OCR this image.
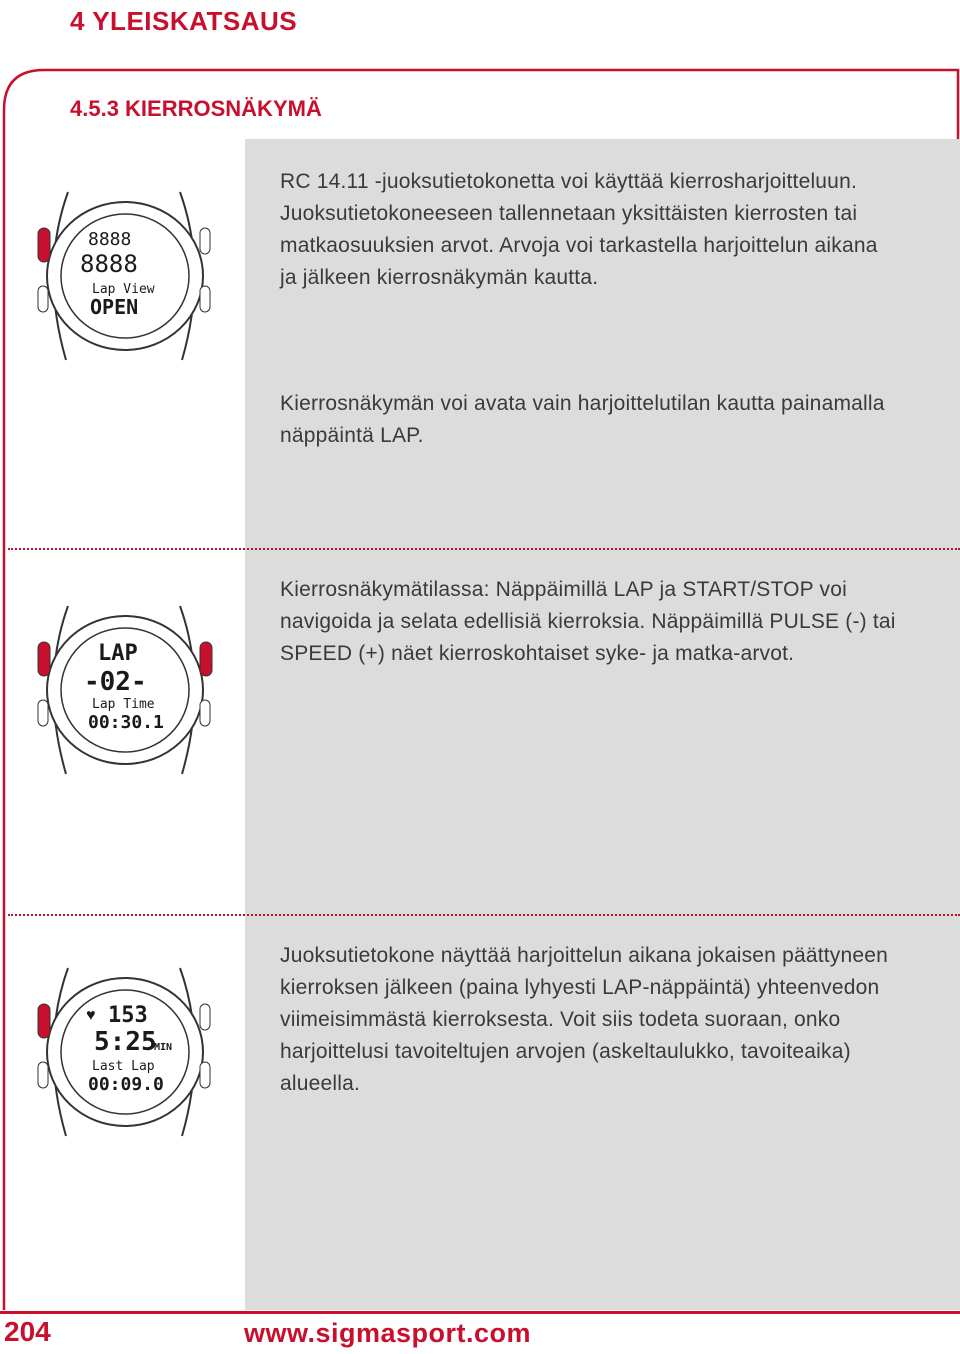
4 YLEISKATSAUS
4.5.3 KIERROSNÄKYMÄ

RC 14.11 -juoksutietokonetta voi käyttää kierrosharjoitteluun. Juoksutietokoneeseen tallennetaan yksittäisten kierrosten tai matkaosuuksien arvot. Arvoja voi tarkastella harjoittelun aikana ja jälkeen kierrosnäkymän kautta.

Kierrosnäkymän voi avata vain harjoittelutilan kautta painamalla näppäintä LAP.

8888
8888
Lap View
OPEN

Kierrosnäkymätilassa: Näppäimillä LAP ja START/STOP voi navigoida ja selata edellisiä kierroksia. Näppäimillä PULSE (-) tai SPEED (+) näet kierroskohtaiset syke- ja matka-arvot.

LAP
-02-
Lap Time
00:30.1

Juoksutietokone näyttää harjoittelun aikana jokaisen päättyneen kierroksen jälkeen (paina lyhyesti LAP-näppäintä) yhteenvedon viimeisimmästä kierroksesta. Voit siis todeta suoraan, onko harjoittelusi tavoiteltujen arvojen (askeltaulukko, tavoiteaika) alueella.

♥ 153
5:25
MIN
Last Lap
00:09.0
204	www.sigmasport.com
